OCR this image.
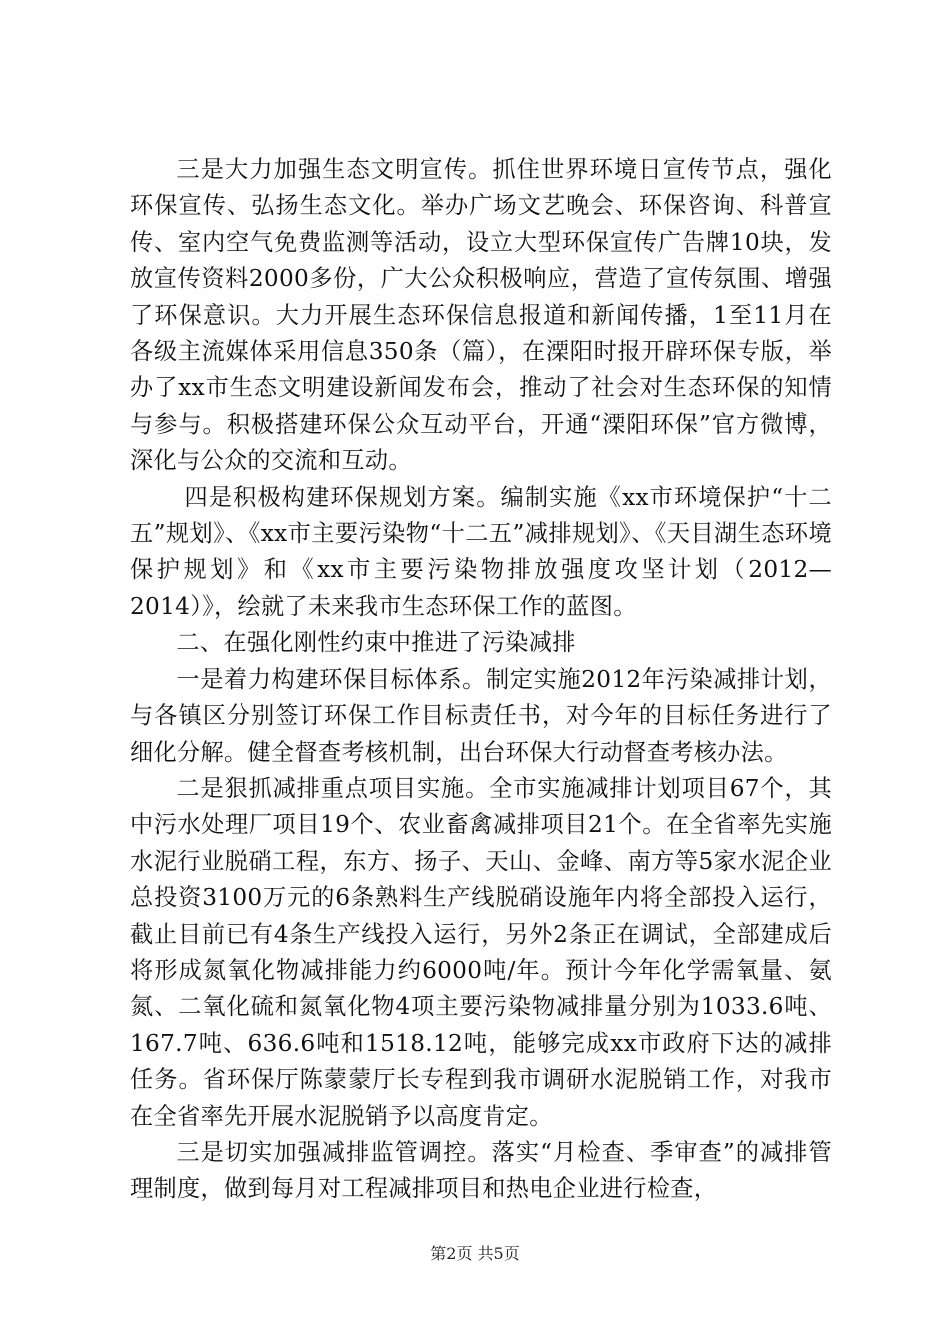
三是大力加强生态文明宣传。抓住世界环境日宣传节点，强化环保宣传、弘扬生态文化。举办广场文艺晚会、环保咨询、科普宣传、室内空气免费监测等活动，设立大型环保宣传广告牌10块，发放宣传资料2000多份，广大公众积极响应，营造了宣传氛围、增强了环保意识。大力开展生态环保信息报道和新闻传播，1至11月在各级主流媒体采用信息350条（篇），在溧阳时报开辟环保专版，举办了xx市生态文明建设新闻发布会，推动了社会对生态环保的知情与参与。积极搭建环保公众互动平台，开通“溧阳环保”官方微博，深化与公众的交流和互动。

四是积极构建环保规划方案。编制实施《xx市环境保护“十二五”规划》、《xx市主要污染物“十二五”减排规划》、《天目湖生态环境保护规划》和《xx市主要污染物排放强度攻坚计划（2012—2014）》，绘就了未来我市生态环保工作的蓝图。

二、在强化刚性约束中推进了污染减排

一是着力构建环保目标体系。制定实施2012年污染减排计划，与各镇区分别签订环保工作目标责任书，对今年的目标任务进行了细化分解。健全督查考核机制，出台环保大行动督查考核办法。

二是狠抓减排重点项目实施。全市实施减排计划项目67个，其中污水处理厂项目19个、农业畜禽减排项目21个。在全省率先实施水泥行业脱硝工程，东方、扬子、天山、金峰、南方等5家水泥企业总投资3100万元的6条熟料生产线脱硝设施年内将全部投入运行，截止目前已有4条生产线投入运行，另外2条正在调试，全部建成后将形成氮氧化物减排能力约6000吨/年。预计今年化学需氧量、氨氮、二氧化硫和氮氧化物4项主要污染物减排量分别为1033.6吨、167.7吨、636.6吨和1518.12吨，能够完成xx市政府下达的减排任务。省环保厅陈蒙蒙厅长专程到我市调研水泥脱销工作，对我市在全省率先开展水泥脱销予以高度肯定。

三是切实加强减排监管调控。落实“月检查、季审查”的减排管理制度，做到每月对工程减排项目和热电企业进行检查，

第2页 共5页
